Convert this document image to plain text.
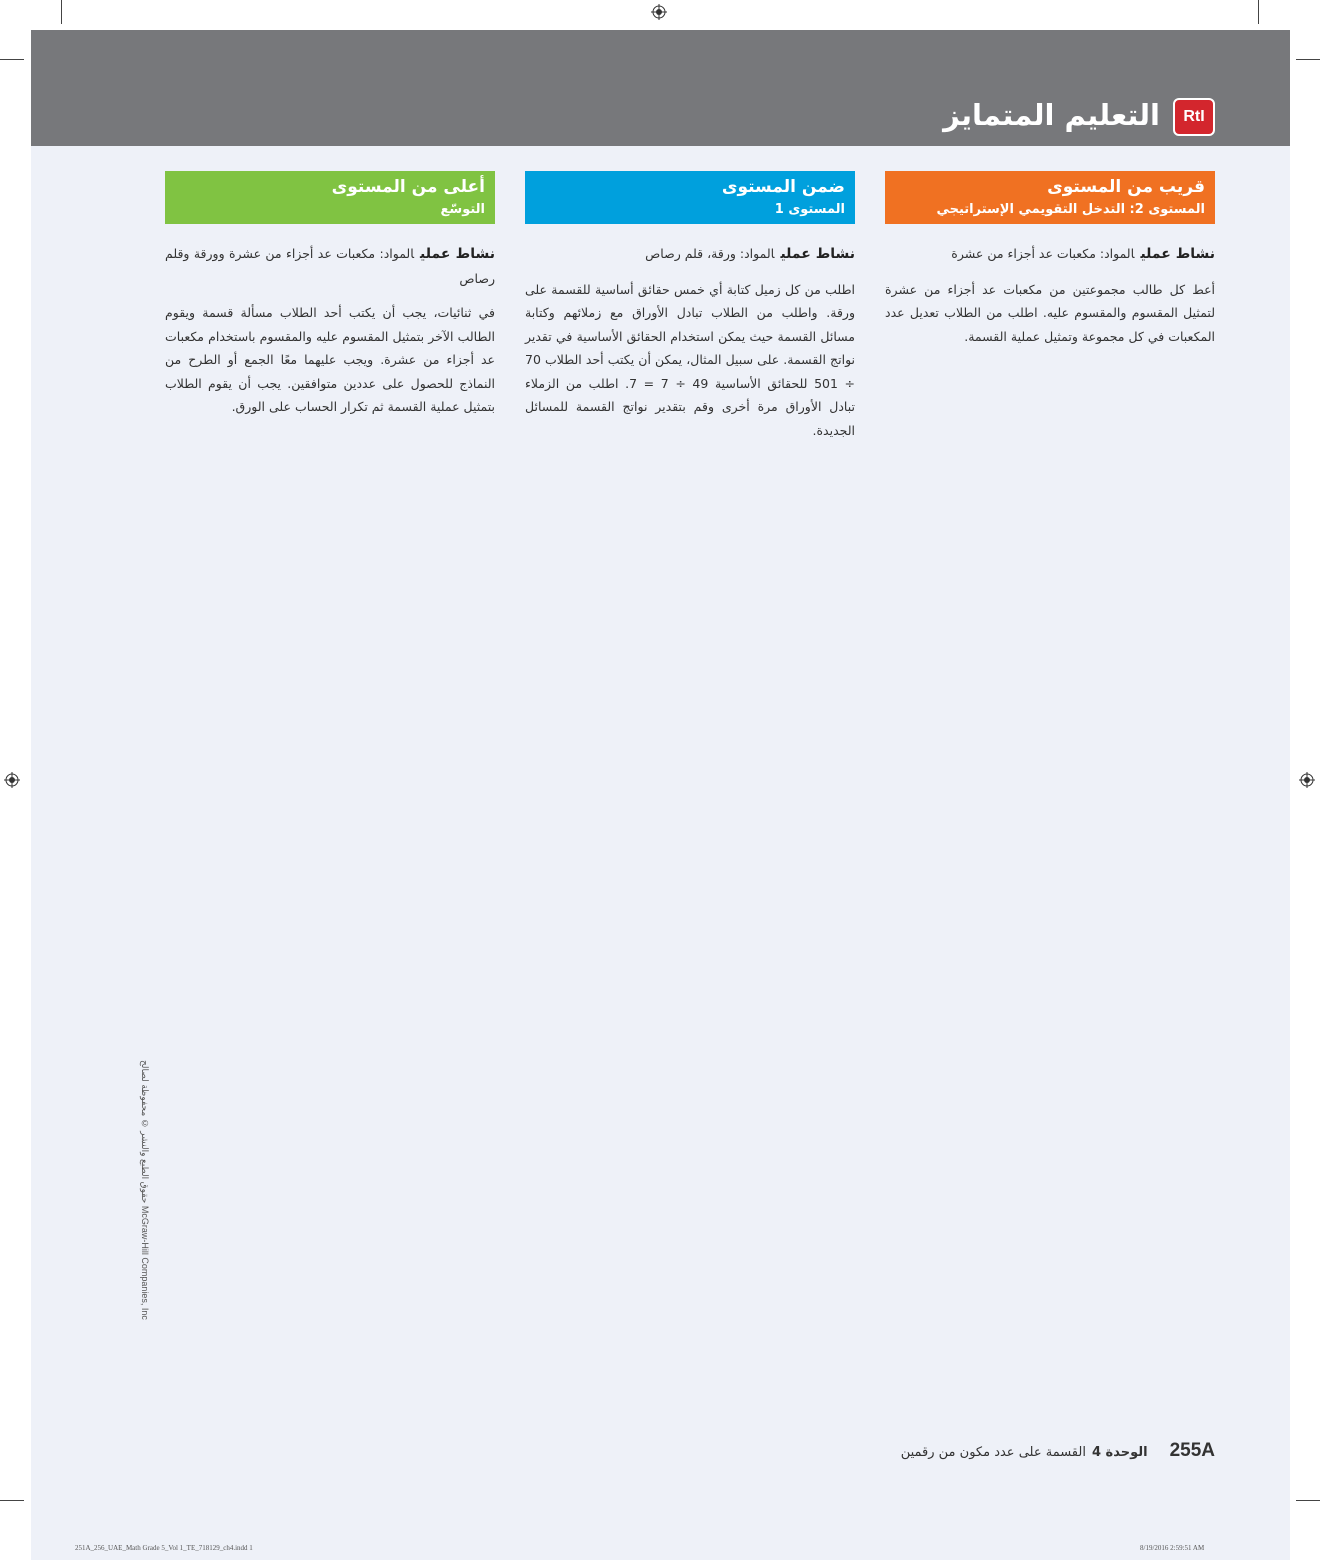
التعليم المتمايز	RtI
قريب من المستوى
المستوى 2: التدخل التقويمي الإستراتيجي

نشاط عمليالمواد: مكعبات عد أجزاء من عشرة

أعط كل طالب مجموعتين من مكعبات عد أجزاء من عشرة لتمثيل المقسوم والمقسوم عليه. اطلب من الطلاب تعديل عدد المكعبات في كل مجموعة وتمثيل عملية القسمة.

ضمن المستوى
المستوى 1

نشاط عمليالمواد: ورقة، قلم رصاص

اطلب من كل زميل كتابة أي خمس حقائق أساسية للقسمة على ورقة. واطلب من الطلاب تبادل الأوراق مع زملائهم وكتابة مسائل القسمة حيث يمكن استخدام الحقائق الأساسية في تقدير نواتج القسمة. على سبيل المثال، يمكن أن يكتب أحد الطلاب 70 ÷ 501 للحقائق الأساسية 49 ÷ 7 = 7. اطلب من الزملاء تبادل الأوراق مرة أخرى وقم بتقدير نواتج القسمة للمسائل الجديدة.

أعلى من المستوى
التوسّع

نشاط عمليالمواد: مكعبات عد أجزاء من عشرة وورقة وقلم رصاص

في ثنائيات، يجب أن يكتب أحد الطلاب مسألة قسمة ويقوم الطالب الآخر بتمثيل المقسوم عليه والمقسوم باستخدام مكعبات عد أجزاء من عشرة. ويجب عليهما معًا الجمع أو الطرح من النماذج للحصول على عددين متوافقين. يجب أن يقوم الطلاب بتمثيل عملية القسمة ثم تكرار الحساب على الورق.

حقوق الطبع والنشر © محفوظة لصالح McGraw-Hill Companies, Inc
255A
الوحدة 4
القسمة على عدد مكون من رقمين
251A_256_UAE_Math Grade 5_Vol 1_TE_718129_ch4.indd 1	8/19/2016 2:59:51 AM
